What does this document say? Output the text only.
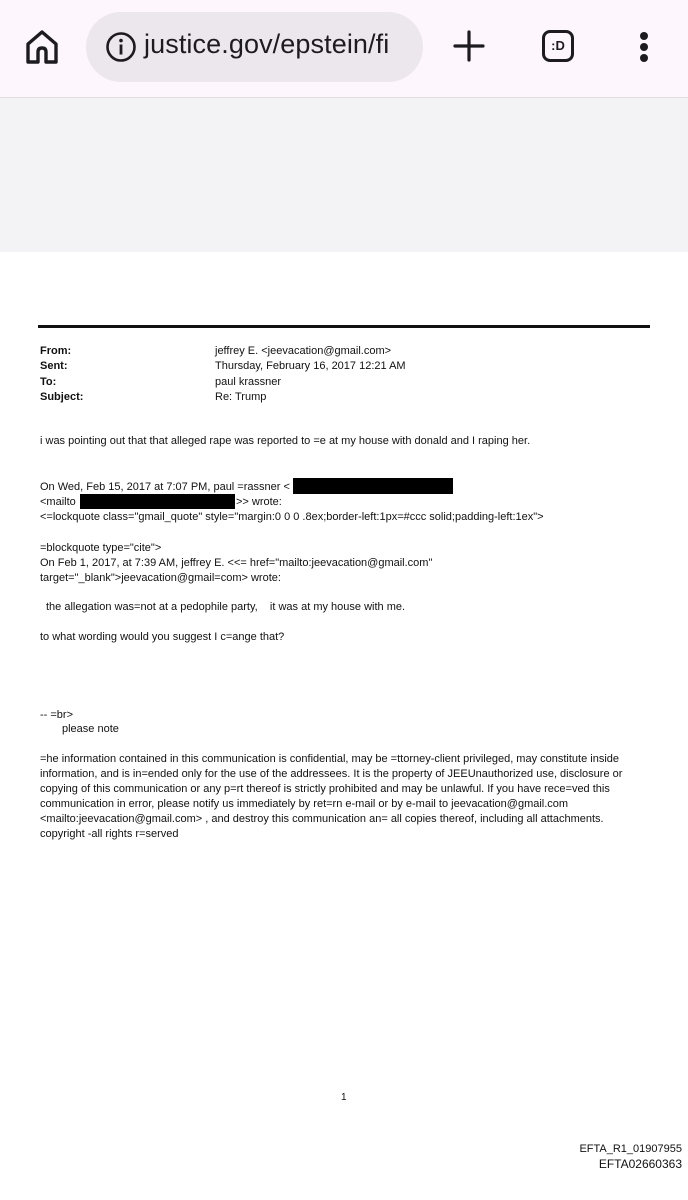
justice.gov/epstein/fi	:D
From:	jeffrey E. <jeevacation@gmail.com>
Sent:	Thursday, February 16, 2017 12:21 AM
To:	paul krassner
Subject:	Re: Trump
i was pointing out that that alleged rape was reported to =e at my house with donald and I raping her.
On Wed, Feb 15, 2017 at 7:07 PM, paul =rassner <
<mailto	>> wrote:
<=lockquote class="gmail_quote" style="margin:0 0 0 .8ex;border-left:1px=#ccc solid;padding-left:1ex">
=blockquote type="cite">
On Feb 1, 2017, at 7:39 AM, jeffrey E. <<= href="mailto:jeevacation@gmail.com"
target="_blank">jeevacation@gmail=com> wrote:
the allegation was=not at a pedophile party,    it was at my house with me.
to what wording would you suggest I c=ange that?
-- =br>
please note
=he information contained in this communication is confidential, may be =ttorney-client privileged, may constitute inside information, and is in=ended only for the use of the addressees. It is the property of JEEUnauthorized use, disclosure or copying of this communication or any p=rt thereof is strictly prohibited and may be unlawful. If you have rece=ved this communication in error, please notify us immediately by ret=rn e-mail or by e-mail to jeevacation@gmail.com <mailto:jeevacation@gmail.com> , and destroy this communication an= all copies thereof, including all attachments. copyright -all rights r=served
1
EFTA_R1_01907955
EFTA02660363
